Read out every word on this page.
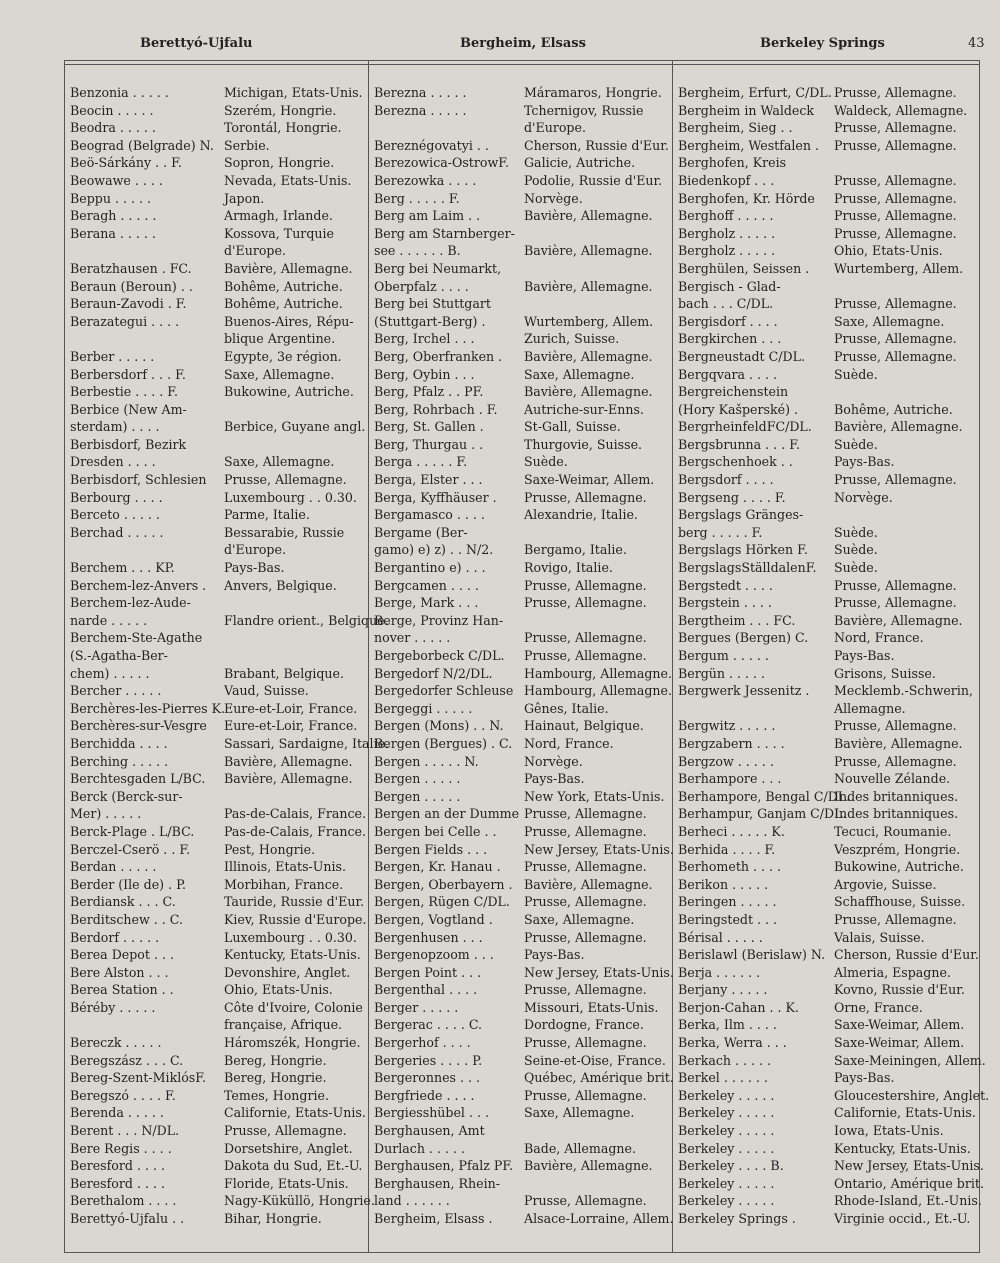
Berettyó-Ujfalu	Bergheim, Elsass	Berkeley Springs	43
Benzonia . . . . .	Michigan, Etats-Unis.
Beocin . . . . .	Szerém, Hongrie.
Beodra . . . . .	Torontál, Hongrie.
Beograd (Belgrade) N. Serbie.
Beö-Sárkány . . F.	Sopron, Hongrie.
Beowawe . . . .	Nevada, Etats-Unis.
Beppu . . . . .	Japon.
Beragh . . . . .	Armagh, Irlande.
Berana . . . . .	Kossova, Turquie
d'Europe.
Beratzhausen . FC.	Bavière, Allemagne.
Beraun (Beroun) . . Bohême, Autriche.
Beraun-Zavodi . F.	Bohême, Autriche.
Berazategui . . . .	Buenos-Aires, Répu-
blique Argentine.
Berber . . . . .	Egypte, 3e région.
Berbersdorf . . . F.	Saxe, Allemagne.
Berbestie . . . . F.	Bukowine, Autriche.
Berbice (New Am-
sterdam) . . . .	Berbice, Guyane angl.
Berbisdorf, Bezirk
Dresden . . . .	Saxe, Allemagne.
Berbisdorf, Schlesien Prusse, Allemagne.
Berbourg . . . .	Luxembourg . . 0.30.
Berceto . . . . .	Parme, Italie.
Berchad . . . . .	Bessarabie, Russie
d'Europe.
Berchem . . . KP.	Pays-Bas.
Berchem-lez-Anvers . Anvers, Belgique.
Berchem-lez-Aude-
narde . . . . .	Flandre orient., Belgique.
Berchem-Ste-Agathe
(S.-Agatha-Ber-
chem) . . . . .	Brabant, Belgique.
Bercher . . . . .	Vaud, Suisse.
Berchères-les-Pierres K.
Eure-et-Loir, France.
Berchères-sur-Vesgre Eure-et-Loir, France.
Berchidda . . . .	Sassari, Sardaigne, Italie.
Berching . . . . .	Bavière, Allemagne.
Berchtesgaden L/BC. Bavière, Allemagne.
Berck (Berck-sur-
Mer) . . . . .	Pas-de-Calais, France.
Berck-Plage . L/BC. Pas-de-Calais, France.
Berczel-Cserö . . F.	Pest, Hongrie.
Berdan . . . . .	Illinois, Etats-Unis.
Berder (Ile de) . P.	Morbihan, France.
Berdiansk . . . C.	Tauride, Russie d'Eur.
Berditschew . . C.	Kiev, Russie d'Europe.
Berdorf . . . . .	Luxembourg . . 0.30.
Berea Depot . . .	Kentucky, Etats-Unis.
Bere Alston . . .	Devonshire, Anglet.
Berea Station . .	Ohio, Etats-Unis.
Béréby . . . . .	Côte d'Ivoire, Colonie
française, Afrique.
Bereczk . . . . .	Háromszék, Hongrie.
Beregszász . . . C.	Bereg, Hongrie.
Bereg-Szent-MiklósF. Bereg, Hongrie.
Beregszó . . . . F.	Temes, Hongrie.
Berenda . . . . .	Californie, Etats-Unis.
Berent . . . N/DL.	Prusse, Allemagne.
Bere Regis . . . .	Dorsetshire, Anglet.
Beresford . . . .	Dakota du Sud, Et.-U.
Beresford . . . .	Floride, Etats-Unis.
Berethalom . . . .	Nagy-Küküllö, Hongrie.
Berettyó-Ujfalu . .	Bihar, Hongrie.
Berezna . . . . .	Máramaros, Hongrie.
Berezna . . . . .	Tchernigov, Russie
d'Europe.
Bereznégovatyi . .	Cherson, Russie d'Eur.
Berezowica-OstrowF. Galicie, Autriche.
Berezowka . . . .	Podolie, Russie d'Eur.
Berg . . . . . F.	Norvège.
Berg am Laim . .	Bavière, Allemagne.
Berg am Starnberger-
see . . . . . . B.	Bavière, Allemagne.
Berg bei Neumarkt,
Oberpfalz . . . .	Bavière, Allemagne.
Berg bei Stuttgart
(Stuttgart-Berg) .	Wurtemberg, Allem.
Berg, Irchel . . .	Zurich, Suisse.
Berg, Oberfranken . Bavière, Allemagne.
Berg, Oybin . . .	Saxe, Allemagne.
Berg, Pfalz . . PF.	Bavière, Allemagne.
Berg, Rohrbach . F. Autriche-sur-Enns.
Berg, St. Gallen .	St-Gall, Suisse.
Berg, Thurgau . .	Thurgovie, Suisse.
Berga . . . . . F.	Suède.
Berga, Elster . . .	Saxe-Weimar, Allem.
Berga, Kyffhäuser . Prusse, Allemagne.
Bergamasco . . . .	Alexandrie, Italie.
Bergame (Ber-
gamo) e) z) . . N/2. Bergamo, Italie.
Bergantino e) . . .	Rovigo, Italie.
Bergcamen . . . .	Prusse, Allemagne.
Berge, Mark . . .	Prusse, Allemagne.
Berge, Provinz Han-
nover . . . . .	Prusse, Allemagne.
Bergeborbeck C/DL. Prusse, Allemagne.
Bergedorf N/2/DL. Hambourg, Allemagne.
Bergedorfer Schleuse Hambourg, Allemagne.
Bergeggi . . . . .	Gênes, Italie.
Bergen (Mons) . . N. Hainaut, Belgique.
Bergen (Bergues) . C. Nord, France.
Bergen . . . . . N.	Norvège.
Bergen . . . . .	Pays-Bas.
Bergen . . . . .	New York, Etats-Unis.
Bergen an der Dumme Prusse, Allemagne.
Bergen bei Celle . . Prusse, Allemagne.
Bergen Fields . . .	New Jersey, Etats-Unis.
Bergen, Kr. Hanau . Prusse, Allemagne.
Bergen, Oberbayern . Bavière, Allemagne.
Bergen, Rügen C/DL. Prusse, Allemagne.
Bergen, Vogtland . Saxe, Allemagne.
Bergenhusen . . .	Prusse, Allemagne.
Bergenopzoom . . . Pays-Bas.
Bergen Point . . .	New Jersey, Etats-Unis.
Bergenthal . . . .	Prusse, Allemagne.
Berger . . . . .	Missouri, Etats-Unis.
Bergerac . . . . C.	Dordogne, France.
Bergerhof . . . .	Prusse, Allemagne.
Bergeries . . . . P.	Seine-et-Oise, France.
Bergeronnes . . .	Québec, Amérique brit.
Bergfriede . . . .	Prusse, Allemagne.
Bergiesshübel . . .	Saxe, Allemagne.
Berghausen, Amt
Durlach . . . . .	Bade, Allemagne.
Berghausen, Pfalz PF. Bavière, Allemagne.
Berghausen, Rhein-
land . . . . . .	Prusse, Allemagne.
Bergheim, Elsass .	Alsace-Lorraine, Allem.
Bergheim, Erfurt, C/DL. Prusse, Allemagne.
Bergheim in Waldeck Waldeck, Allemagne.
Bergheim, Sieg . .	Prusse, Allemagne.
Bergheim, Westfalen . Prusse, Allemagne.
Berghofen, Kreis
Biedenkopf . . .	Prusse, Allemagne.
Berghofen, Kr. Hörde Prusse, Allemagne.
Berghoff . . . . .	Prusse, Allemagne.
Bergholz . . . . .	Prusse, Allemagne.
Bergholz . . . . .	Ohio, Etats-Unis.
Berghülen, Seissen . Wurtemberg, Allem.
Bergisch - Glad-
bach . . . C/DL.	Prusse, Allemagne.
Bergisdorf . . . .	Saxe, Allemagne.
Bergkirchen . . .	Prusse, Allemagne.
Bergneustadt C/DL. Prusse, Allemagne.
Bergqvara . . . .	Suède.
Bergreichenstein
(Hory Kašperské) .	Bohême, Autriche.
BergrheinfeldFC/DL. Bavière, Allemagne.
Bergsbrunna . . . F.	Suède.
Bergschenhoek . .	Pays-Bas.
Bergsdorf . . . .	Prusse, Allemagne.
Bergseng . . . . F.	Norvège.
Bergslags Gränges-
berg . . . . . F.	Suède.
Bergslags Hörken F. Suède.
BergslagsStälldalenF. Suède.
Bergstedt . . . .	Prusse, Allemagne.
Bergstein . . . .	Prusse, Allemagne.
Bergtheim . . . FC.	Bavière, Allemagne.
Bergues (Bergen) C. Nord, France.
Bergum . . . . .	Pays-Bas.
Bergün . . . . .	Grisons, Suisse.
Bergwerk Jessenitz . Mecklemb.-Schwerin,
Allemagne.
Bergwitz . . . . .	Prusse, Allemagne.
Bergzabern . . . .	Bavière, Allemagne.
Bergzow . . . . .	Prusse, Allemagne.
Berhampore . . .	Nouvelle Zélande.
Berhampore, Bengal C/DL.
Indes britanniques.
Berhampur, Ganjam C/DL.
Indes britanniques.
Berheci . . . . . K.	Tecuci, Roumanie.
Berhida . . . . F.	Veszprém, Hongrie.
Berhometh . . . .	Bukowine, Autriche.
Berikon . . . . .	Argovie, Suisse.
Beringen . . . . .	Schaffhouse, Suisse.
Beringstedt . . .	Prusse, Allemagne.
Bérisal . . . . .	Valais, Suisse.
Berislawl (Berislaw) N. Cherson, Russie d'Eur.
Berja . . . . . .	Almeria, Espagne.
Berjany . . . . .	Kovno, Russie d'Eur.
Berjon-Cahan . . K.	Orne, France.
Berka, Ilm . . . .	Saxe-Weimar, Allem.
Berka, Werra . . .	Saxe-Weimar, Allem.
Berkach . . . . .	Saxe-Meiningen, Allem.
Berkel . . . . . .	Pays-Bas.
Berkeley . . . . .	Gloucestershire, Anglet.
Berkeley . . . . .	Californie, Etats-Unis.
Berkeley . . . . .	Iowa, Etats-Unis.
Berkeley . . . . .	Kentucky, Etats-Unis.
Berkeley . . . . B.	New Jersey, Etats-Unis.
Berkeley . . . . .	Ontario, Amérique brit.
Berkeley . . . . .	Rhode-Island, Et.-Unis.
Berkeley Springs .	Virginie occid., Et.-U.
